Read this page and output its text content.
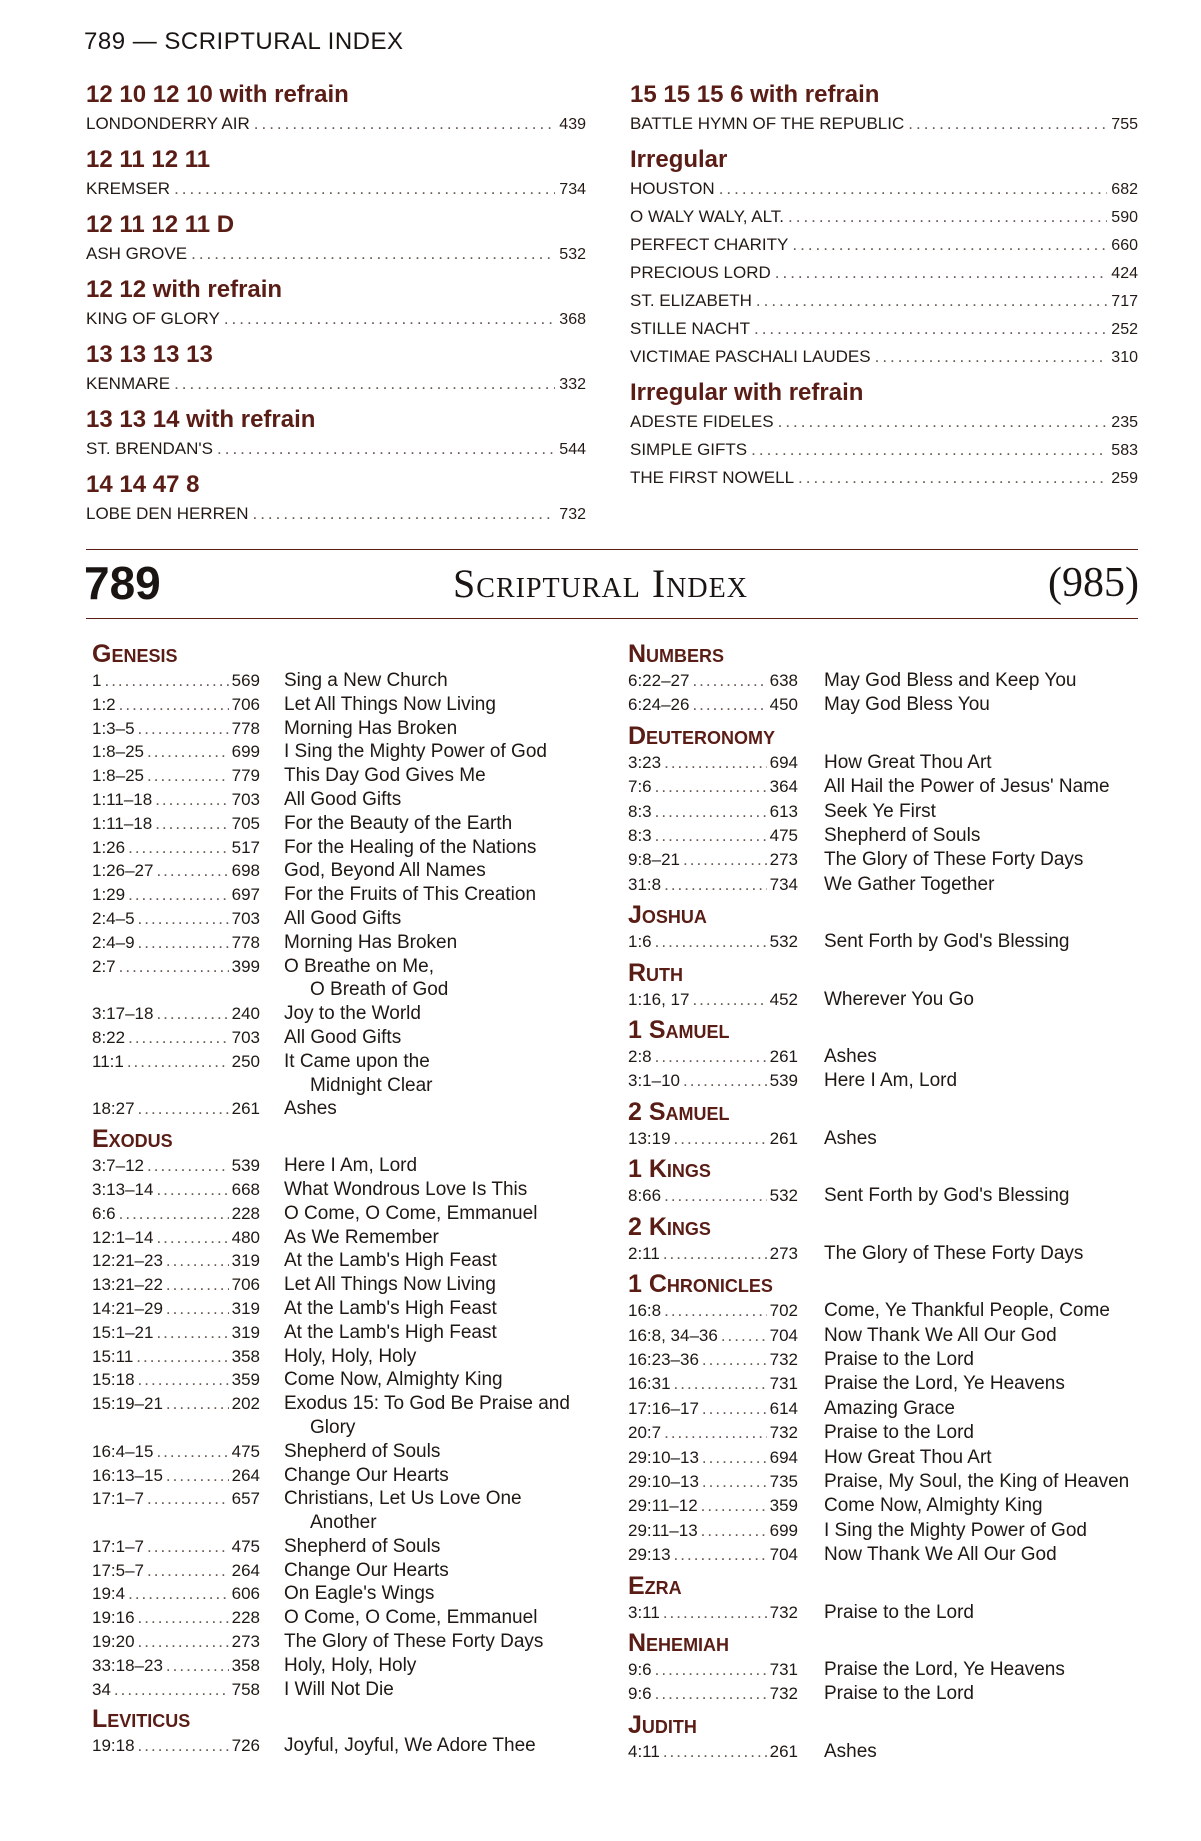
789 — SCRIPTURAL INDEX
12 10 12 10 with refrain
LONDONDERRY AIR .....	439
12 11 12 11
KREMSER .....	734
12 11 12 11 D
ASH GROVE .....	532
12 12 with refrain
KING OF GLORY .....	368
13 13 13 13
KENMARE .....	332
13 13 14 with refrain
ST. BRENDAN'S .....	544
14 14 47 8
LOBE DEN HERREN .....	732
15 15 15 6 with refrain
BATTLE HYMN OF THE REPUBLIC .....	755
Irregular
HOUSTON .....	682
O WALY WALY, ALT. .....	590
PERFECT CHARITY .....	660
PRECIOUS LORD .....	424
ST. ELIZABETH .....	717
STILLE NACHT .....	252
VICTIMAE PASCHALI LAUDES .....	310
Irregular with refrain
ADESTE FIDELES .....	235
SIMPLE GIFTS .....	583
THE FIRST NOWELL .....	259
789	Scriptural Index	(985)
Genesis
1 .....	569	Sing a New Church
1:2 .....	706	Let All Things Now Living
1:3–5 .....	778	Morning Has Broken
1:8–25 .....	699	I Sing the Mighty Power of God
1:8–25 .....	779	This Day God Gives Me
1:11–18 .....	703	All Good Gifts
1:11–18 .....	705	For the Beauty of the Earth
1:26 .....	517	For the Healing of the Nations
1:26–27 .....	698	God, Beyond All Names
1:29 .....	697	For the Fruits of This Creation
2:4–5 .....	703	All Good Gifts
2:4–9 .....	778	Morning Has Broken
2:7 .....	399	O Breathe on Me,
O Breath of God
3:17–18 .....	240	Joy to the World
8:22 .....	703	All Good Gifts
11:1 .....	250	It Came upon the
Midnight Clear
18:27 .....	261	Ashes
Exodus
3:7–12 .....	539	Here I Am, Lord
3:13–14 .....	668	What Wondrous Love Is This
6:6 .....	228	O Come, O Come, Emmanuel
12:1–14 .....	480	As We Remember
12:21–23 .....	319	At the Lamb's High Feast
13:21–22 .....	706	Let All Things Now Living
14:21–29 .....	319	At the Lamb's High Feast
15:1–21 .....	319	At the Lamb's High Feast
15:11 .....	358	Holy, Holy, Holy
15:18 .....	359	Come Now, Almighty King
15:19–21 .....	202	Exodus 15: To God Be Praise and
Glory
16:4–15 .....	475	Shepherd of Souls
16:13–15 .....	264	Change Our Hearts
17:1–7 .....	657	Christians, Let Us Love One
Another
17:1–7 .....	475	Shepherd of Souls
17:5–7 .....	264	Change Our Hearts
19:4 .....	606	On Eagle's Wings
19:16 .....	228	O Come, O Come, Emmanuel
19:20 .....	273	The Glory of These Forty Days
33:18–23 .....	358	Holy, Holy, Holy
34 .....	758	I Will Not Die
Leviticus
19:18 .....	726	Joyful, Joyful, We Adore Thee
Numbers
6:22–27 .....	638	May God Bless and Keep You
6:24–26 .....	450	May God Bless You
Deuteronomy
3:23 .....	694	How Great Thou Art
7:6 .....	364	All Hail the Power of Jesus' Name
8:3 .....	613	Seek Ye First
8:3 .....	475	Shepherd of Souls
9:8–21 .....	273	The Glory of These Forty Days
31:8 .....	734	We Gather Together
Joshua
1:6 .....	532	Sent Forth by God's Blessing
Ruth
1:16, 17 .....	452	Wherever You Go
1 Samuel
2:8 .....	261	Ashes
3:1–10 .....	539	Here I Am, Lord
2 Samuel
13:19 .....	261	Ashes
1 Kings
8:66 .....	532	Sent Forth by God's Blessing
2 Kings
2:11 .....	273	The Glory of These Forty Days
1 Chronicles
16:8 .....	702	Come, Ye Thankful People, Come
16:8, 34–36 .....	704	Now Thank We All Our God
16:23–36 .....	732	Praise to the Lord
16:31 .....	731	Praise the Lord, Ye Heavens
17:16–17 .....	614	Amazing Grace
20:7 .....	732	Praise to the Lord
29:10–13 .....	694	How Great Thou Art
29:10–13 .....	735	Praise, My Soul, the King of Heaven
29:11–12 .....	359	Come Now, Almighty King
29:11–13 .....	699	I Sing the Mighty Power of God
29:13 .....	704	Now Thank We All Our God
Ezra
3:11 .....	732	Praise to the Lord
Nehemiah
9:6 .....	731	Praise the Lord, Ye Heavens
9:6 .....	732	Praise to the Lord
Judith
4:11 .....	261	Ashes
